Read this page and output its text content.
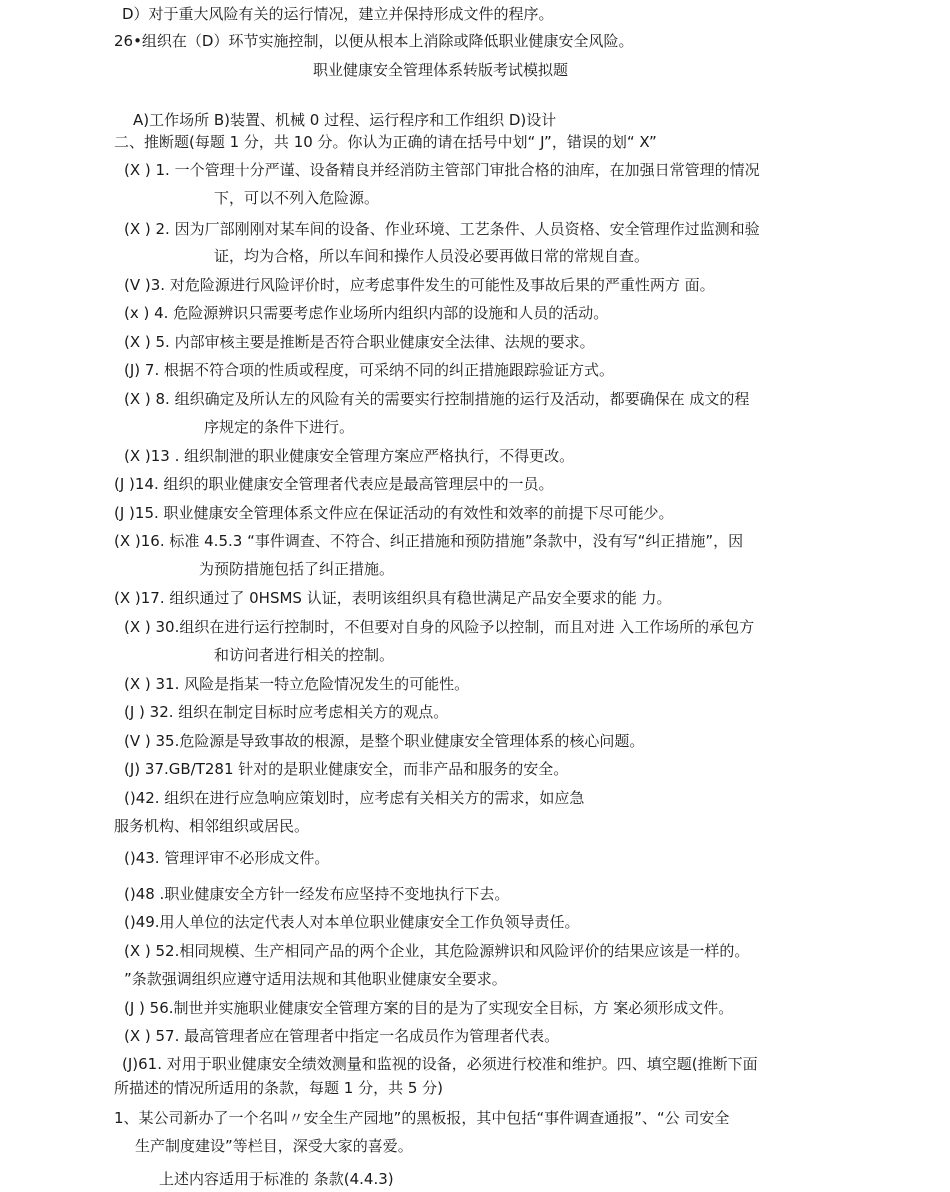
D）对于重大风险有关的运行情况，建立并保持形成文件的程序。
26•组织在（D）环节实施控制，以便从根本上消除或降低职业健康安全风险。
职业健康安全管理体系转版考试模拟题
A)工作场所 B)装置、机械 0 过程、运行程序和工作组织 D)设计
二、推断题(每题 1 分，共 10 分。你认为正确的请在括号中划“ J”，错误的划“ X”
(X ) 1. 一个管理十分严谨、设备精良并经消防主管部门审批合格的油库，在加强日常管理的情况
下，可以不列入危险源。
(X ) 2. 因为厂部刚刚对某车间的设备、作业环境、工艺条件、人员资格、安全管理作过监测和验
证，均为合格，所以车间和操作人员没必要再做日常的常规自查。
(V )3. 对危险源进行风险评价时，应考虑事件发生的可能性及事故后果的严重性两方 面。
(x ) 4. 危险源辨识只需要考虑作业场所内组织内部的设施和人员的活动。
(X ) 5. 内部审核主要是推断是否符合职业健康安全法律、法规的要求。
(J) 7. 根据不符合项的性质或程度，可采纳不同的纠正措施跟踪验证方式。
(X ) 8. 组织确定及所认左的风险有关的需要实行控制措施的运行及活动，都要确保在 成文的程
序规定的条件下进行。
(X )13 . 组织制泄的职业健康安全管理方案应严格执行，不得更改。
(J )14. 组织的职业健康安全管理者代表应是最高管理层中的一员。
(J )15. 职业健康安全管理体系文件应在保证活动的有效性和效率的前提下尽可能少。
(X )16. 标准 4.5.3 “事件调查、不符合、纠正措施和预防措施”条款中，没有写“纠正措施”，因
为预防措施包括了纠正措施。
(X )17. 组织通过了 0HSMS 认证，表明该组织具有稳世满足产品安全要求的能 力。
(X ) 30.组织在进行运行控制时，不但要对自身的风险予以控制，而且对进 入工作场所的承包方
和访问者进行相关的控制。
(X ) 31. 风险是指某一特立危险情况发生的可能性。
(J ) 32. 组织在制定目标时应考虑相关方的观点。
(V ) 35.危险源是导致事故的根源，是整个职业健康安全管理体系的核心问题。
(J) 37.GB/T281 针对的是职业健康安全，而非产品和服务的安全。
()42. 组织在进行应急响应策划时，应考虑有关相关方的需求，如应急
服务机构、相邻组织或居民。
()43. 管理评审不必形成文件。
()48 .职业健康安全方针一经发布应坚持不变地执行下去。
()49.用人单位的法定代表人对本单位职业健康安全工作负领导责任。
(X ) 52.相同规模、生产相同产品的两个企业，其危险源辨识和风险评价的结果应该是一样的。
”条款强调组织应遵守适用法规和其他职业健康安全要求。
(J ) 56.制世并实施职业健康安全管理方案的目的是为了实现安全目标，方 案必须形成文件。
(X ) 57. 最高管理者应在管理者中指定一名成员作为管理者代表。
(J)61. 对用于职业健康安全绩效测量和监视的设备，必须进行校准和维护。四、填空题(推断下面
所描述的情况所适用的条款，每题 1 分，共 5 分)
1、某公司新办了一个名叫〃安全生产园地”的黑板报，其中包括“事件调查通报”、“公 司安全
生产制度建设”等栏目，深受大家的喜爱。
上述内容适用于标准的 条款(4.4.3)
